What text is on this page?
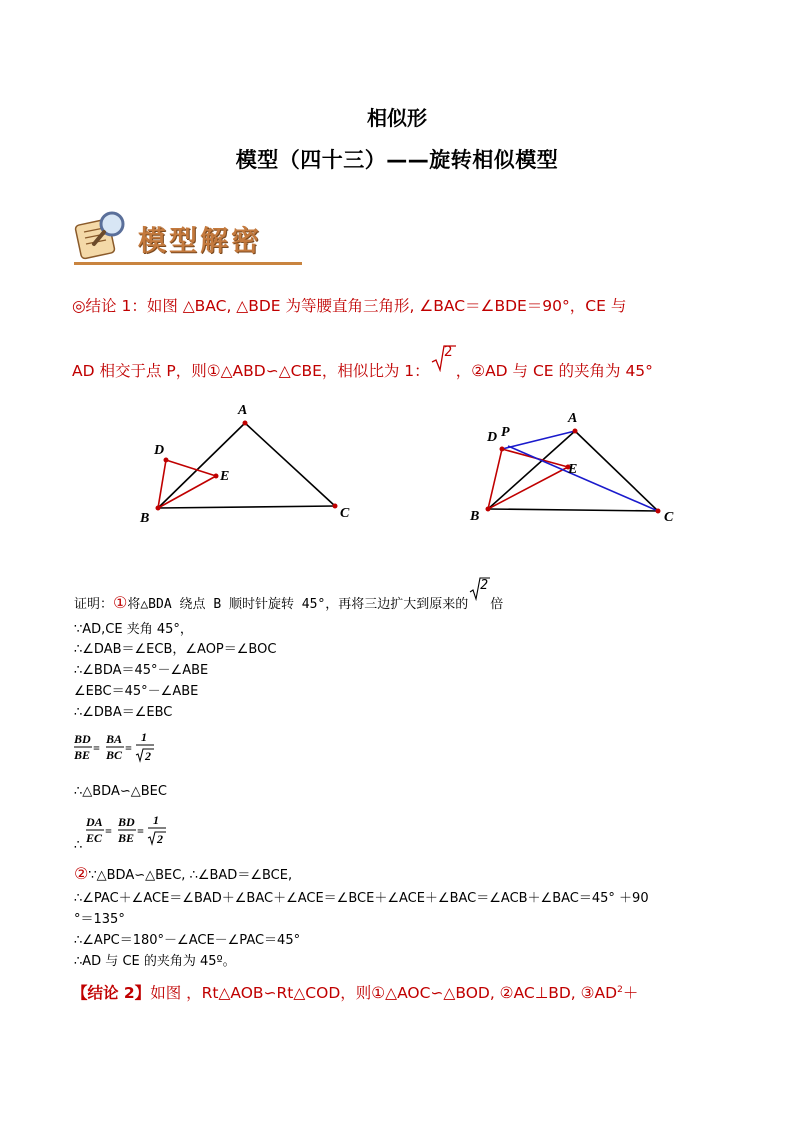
相似形
模型（四十三）——旋转相似模型
模型解密
◎结论 1：如图 △BAC, △BDE 为等腰直角三角形, ∠BAC＝∠BDE＝90°，CE 与
AD 相交于点 P，则①△ABD∽△CBE，相似比为 1：
2
，②AD 与 CE 的夹角为 45°
A
B	C
D
E
A
B	C
D P
E
证明：①将△BDA 绕点 B 顺时针旋转 45°，再将三边扩大到原来的
2
倍
∵AD,CE 夹角 45°，
∴∠DAB＝∠ECB，∠AOP＝∠BOC
∴∠BDA＝45°－∠ABE
∠EBC＝45°－∠ABE
∴∠DBA＝∠EBC
BD
BE =
BA
BC =
1
2
∴△BDA∽△BEC
DA
EC =
BD
BE =
1
2
∴
②∵△BDA∽△BEC, ∴∠BAD＝∠BCE,
∴∠PAC＋∠ACE＝∠BAD＋∠BAC＋∠ACE＝∠BCE＋∠ACE＋∠BAC＝∠ACB＋∠BAC＝45° ＋90
°＝135°
∴∠APC＝180°－∠ACE－∠PAC＝45°
∴AD 与 CE 的夹角为 45º。
【结论 2】如图 ，Rt△AOB∽Rt△COD，则①△AOC∽△BOD, ②AC⊥BD, $③AD^2+$
